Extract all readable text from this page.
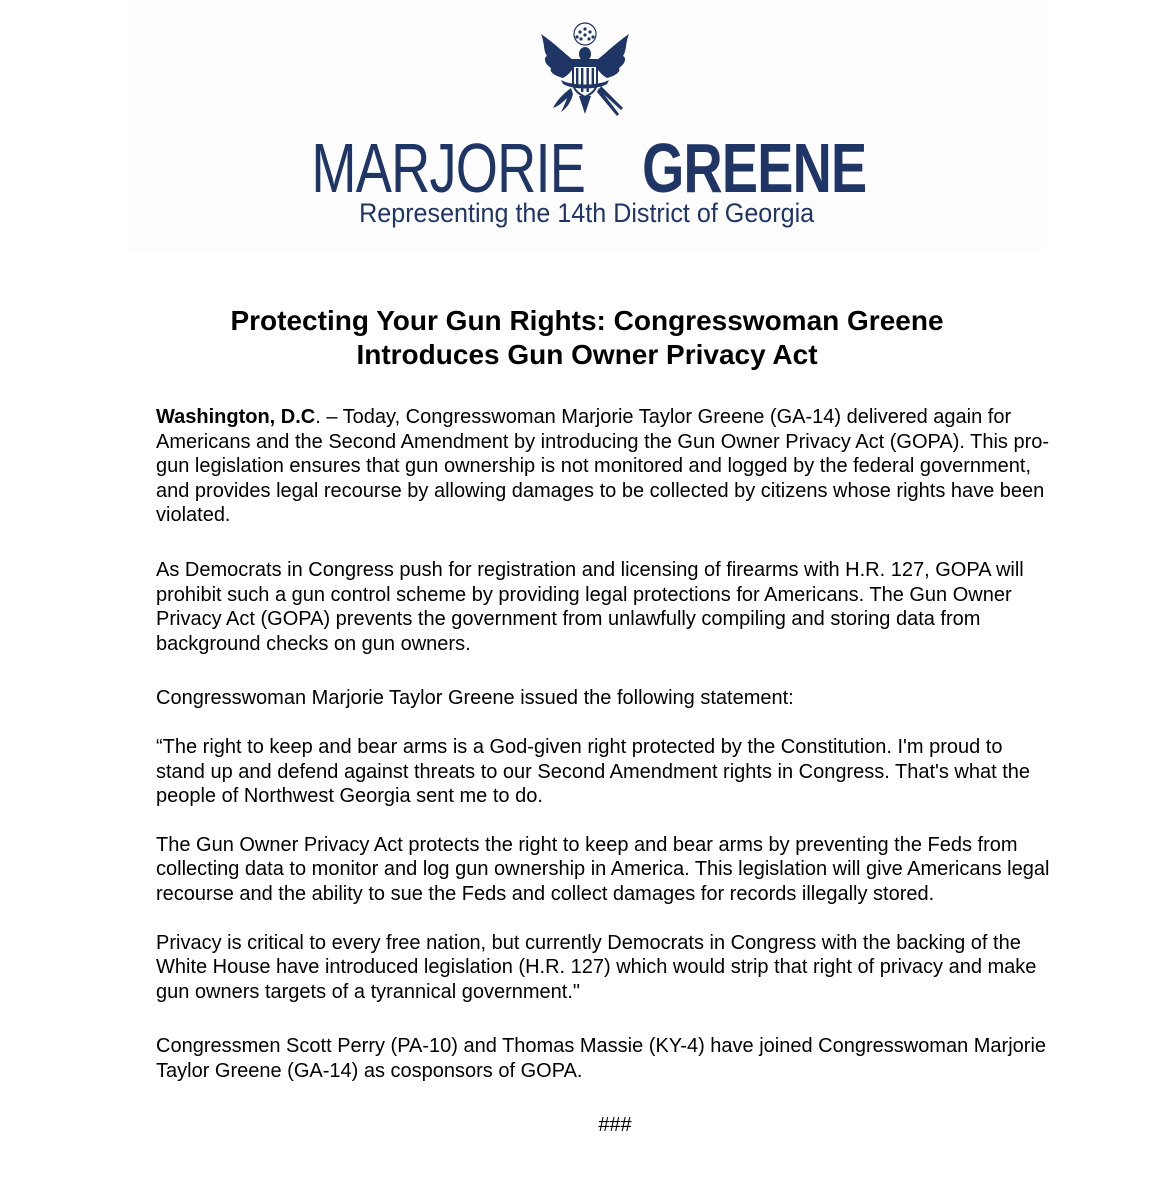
MARJORIE GREENE
Representing the 14th District of Georgia
Protecting Your Gun Rights: Congresswoman Greene
Introduces Gun Owner Privacy Act

Washington, D.C. – Today, Congresswoman Marjorie Taylor Greene (GA-14) delivered again for Americans and the Second Amendment by introducing the Gun Owner Privacy Act (GOPA). This pro-gun legislation ensures that gun ownership is not monitored and logged by the federal government, and provides legal recourse by allowing damages to be collected by citizens whose rights have been violated.

As Democrats in Congress push for registration and licensing of firearms with H.R. 127, GOPA will prohibit such a gun control scheme by providing legal protections for Americans. The Gun Owner Privacy Act (GOPA) prevents the government from unlawfully compiling and storing data from background checks on gun owners.

Congresswoman Marjorie Taylor Greene issued the following statement:

“The right to keep and bear arms is a God-given right protected by the Constitution. I'm proud to stand up and defend against threats to our Second Amendment rights in Congress. That's what the people of Northwest Georgia sent me to do.

The Gun Owner Privacy Act protects the right to keep and bear arms by preventing the Feds from collecting data to monitor and log gun ownership in America. This legislation will give Americans legal recourse and the ability to sue the Feds and collect damages for records illegally stored.

Privacy is critical to every free nation, but currently Democrats in Congress with the backing of the White House have introduced legislation (H.R. 127) which would strip that right of privacy and make gun owners targets of a tyrannical government."

Congressmen Scott Perry (PA-10) and Thomas Massie (KY-4) have joined Congresswoman Marjorie Taylor Greene (GA-14) as cosponsors of GOPA.

###
